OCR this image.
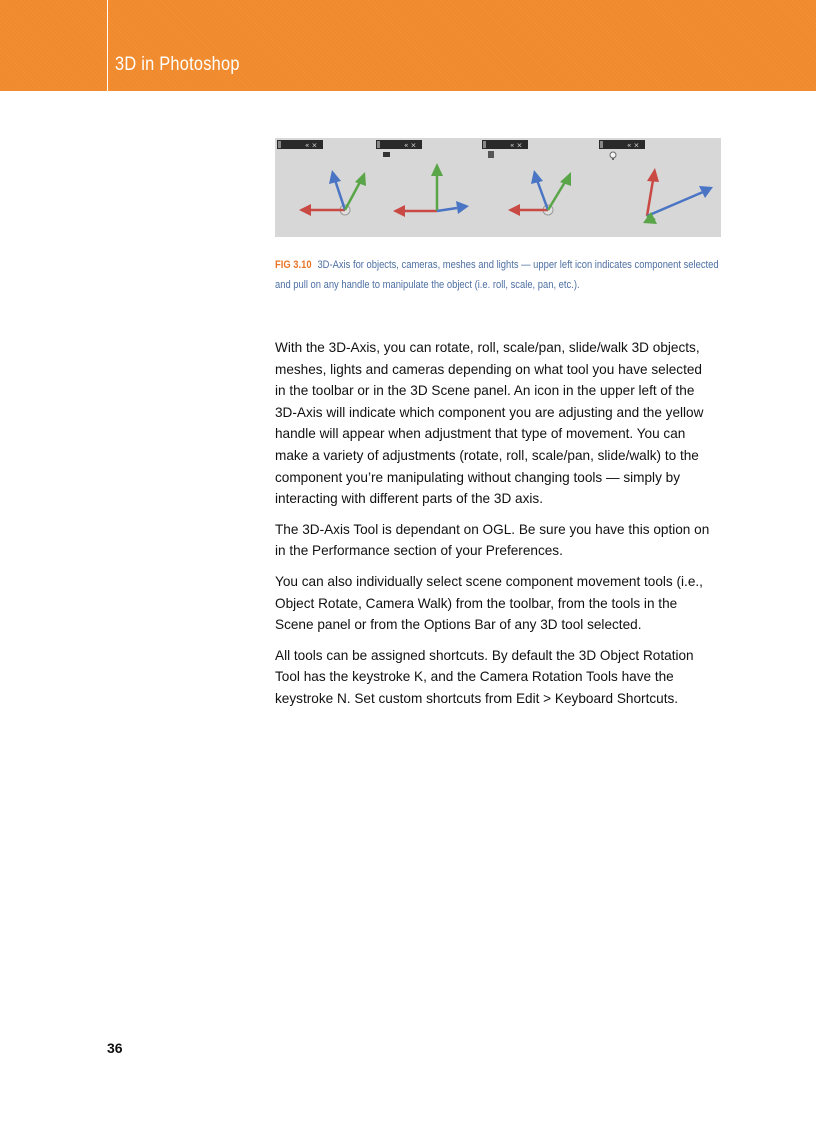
3D in Photoshop
« ×	« ×	« ×	« ×
FIG 3.10 3D-Axis for objects, cameras, meshes and lights — upper left icon indicates component selected and pull on any handle to manipulate the object (i.e. roll, scale, pan, etc.).

With the 3D-Axis, you can rotate, roll, scale/pan, slide/walk 3D objects, meshes, lights and cameras depending on what tool you have selected in the toolbar or in the 3D Scene panel. An icon in the upper left of the 3D-Axis will indicate which component you are adjusting and the yellow handle will appear when adjustment that type of movement. You can make a variety of adjustments (rotate, roll, scale/pan, slide/walk) to the component you’re manipulating without changing tools — simply by interacting with different parts of the 3D axis.

The 3D-Axis Tool is dependant on OGL. Be sure you have this option on in the Performance section of your Preferences.

You can also individually select scene component movement tools (i.e., Object Rotate, Camera Walk) from the toolbar, from the tools in the Scene panel or from the Options Bar of any 3D tool selected.

All tools can be assigned shortcuts. By default the 3D Object Rotation Tool has the keystroke K, and the Camera Rotation Tools have the keystroke N. Set custom shortcuts from Edit > Keyboard Shortcuts.

36
